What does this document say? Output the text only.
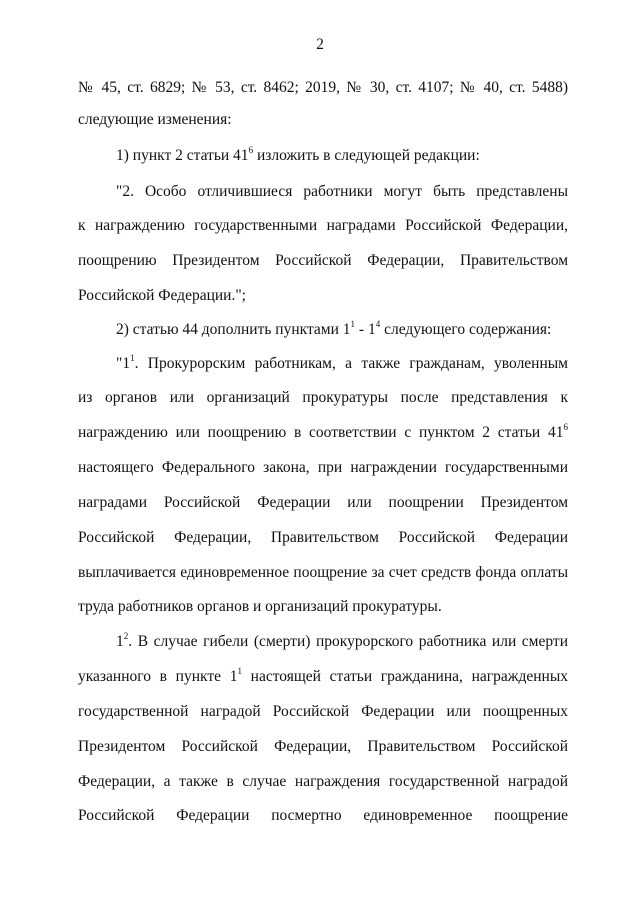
2
№ 45, ст. 6829; № 53, ст. 8462; 2019, № 30, ст. 4107; № 40, ст. 5488)
следующие изменения:
1) пункт 2 статьи $41^6$ изложить в следующей редакции:
"2. Особо отличившиеся работники могут быть представлены
к награждению государственными наградами Российской Федерации,
поощрению Президентом Российской Федерации, Правительством
Российской Федерации.";
2) статью 44 дополнить пунктами $1^1 - 1^4$ следующего содержания:
"$1^1$. Прокурорским работникам, а также гражданам, уволенным
из органов или организаций прокуратуры после представления к
награждению или поощрению в соответствии с пунктом 2 статьи $41^6$
настоящего Федерального закона, при награждении государственными
наградами Российской Федерации или поощрении Президентом
Российской Федерации, Правительством Российской Федерации
выплачивается единовременное поощрение за счет средств фонда оплаты
труда работников органов и организаций прокуратуры.
$1^2$. В случае гибели (смерти) прокурорского работника или смерти
указанного в пункте $1^1$ настоящей статьи гражданина, награжденных
государственной наградой Российской Федерации или поощренных
Президентом Российской Федерации, Правительством Российской
Федерации, а также в случае награждения государственной наградой
Российской Федерации посмертно единовременное поощрение
